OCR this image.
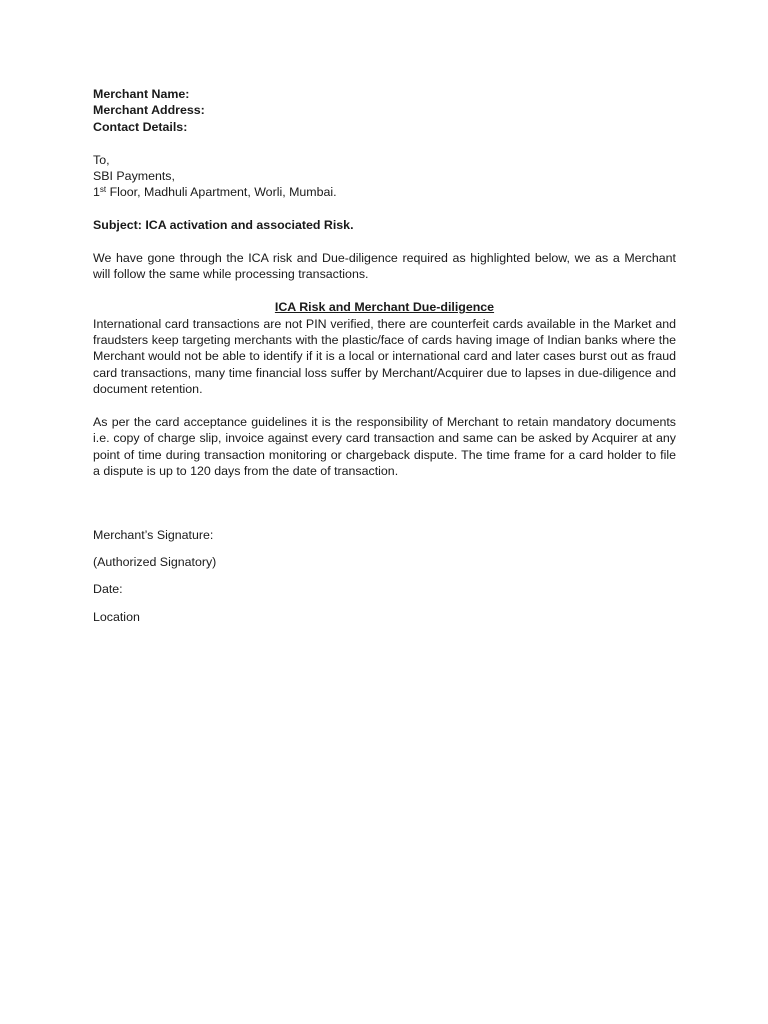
Merchant Name:
Merchant Address:
Contact Details:
To,
SBI Payments,
1st Floor, Madhuli Apartment, Worli, Mumbai.
Subject: ICA activation and associated Risk.

We have gone through the ICA risk and Due-diligence required as highlighted below, we as a Merchant will follow the same while processing transactions.

ICA Risk and Merchant Due-diligence

International card transactions are not PIN verified, there are counterfeit cards available in the Market and fraudsters keep targeting merchants with the plastic/face of cards having image of Indian banks where the Merchant would not be able to identify if it is a local or international card and later cases burst out as fraud card transactions, many time financial loss suffer by Merchant/Acquirer due to lapses in due-diligence and document retention.

As per the card acceptance guidelines it is the responsibility of Merchant to retain mandatory documents i.e. copy of charge slip, invoice against every card transaction and same can be asked by Acquirer at any point of time during transaction monitoring or chargeback dispute. The time frame for a card holder to file a dispute is up to 120 days from the date of transaction.

Merchant’s Signature:
(Authorized Signatory)
Date:
Location
